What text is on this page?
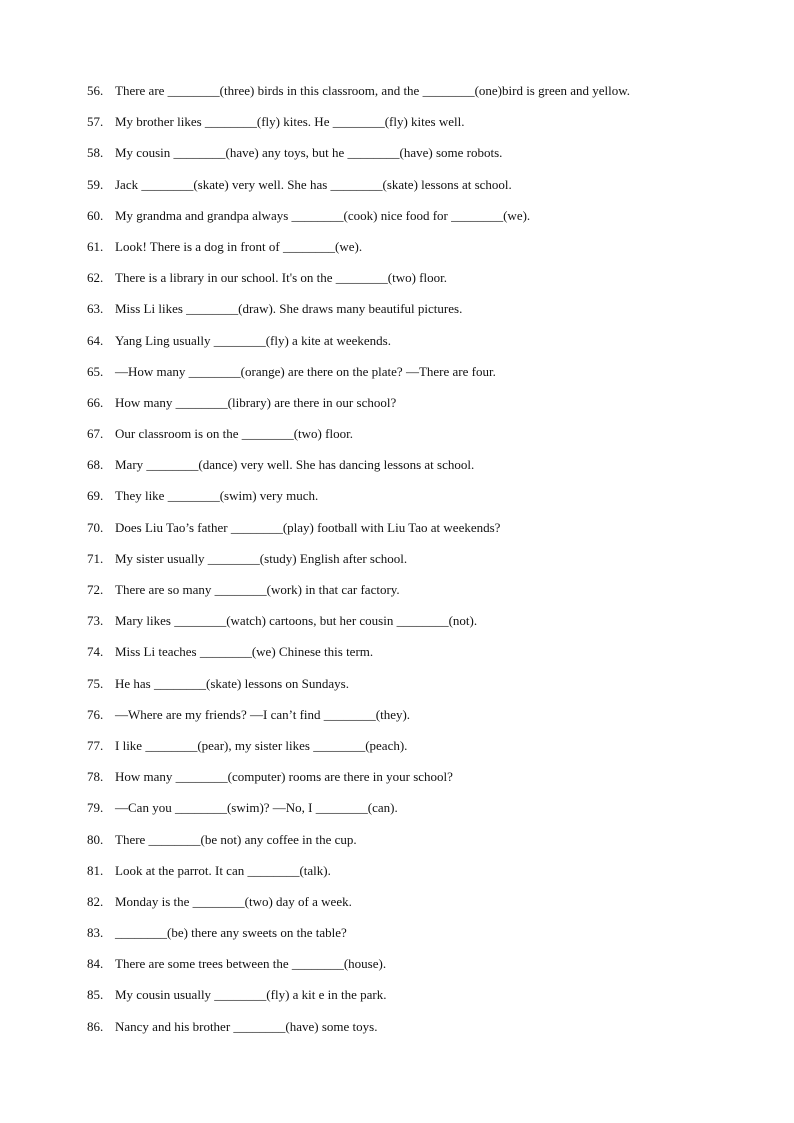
56. There are ________(three) birds in this classroom, and the ________(one)bird is green and yellow.
57. My brother likes ________(fly) kites. He ________(fly) kites well.
58. My cousin ________(have) any toys, but he ________(have) some robots.
59. Jack ________(skate) very well. She has ________(skate) lessons at school.
60. My grandma and grandpa always ________(cook) nice food for ________(we).
61. Look! There is a dog in front of ________(we).
62. There is a library in our school. It's on the ________(two) floor.
63. Miss Li likes ________(draw). She draws many beautiful pictures.
64. Yang Ling usually ________(fly) a kite at weekends.
65. —How many ________(orange) are there on the plate? —There are four.
66. How many ________(library) are there in our school?
67. Our classroom is on the ________(two) floor.
68. Mary ________(dance) very well. She has dancing lessons at school.
69. They like ________(swim) very much.
70. Does Liu Tao’s father ________(play) football with Liu Tao at weekends?
71. My sister usually ________(study) English after school.
72. There are so many ________(work) in that car factory.
73. Mary likes ________(watch) cartoons, but her cousin ________(not).
74. Miss Li teaches ________(we) Chinese this term.
75. He has ________(skate) lessons on Sundays.
76. —Where are my friends? —I can’t find ________(they).
77. I like ________(pear), my sister likes ________(peach).
78. How many ________(computer) rooms are there in your school?
79. —Can you ________(swim)? —No, I ________(can).
80. There ________(be not) any coffee in the cup.
81. Look at the parrot. It can ________(talk).
82. Monday is the ________(two) day of a week.
83. ________(be) there any sweets on the table?
84. There are some trees between the ________(house).
85. My cousin usually ________(fly) a kit e in the park.
86. Nancy and his brother ________(have) some toys.
